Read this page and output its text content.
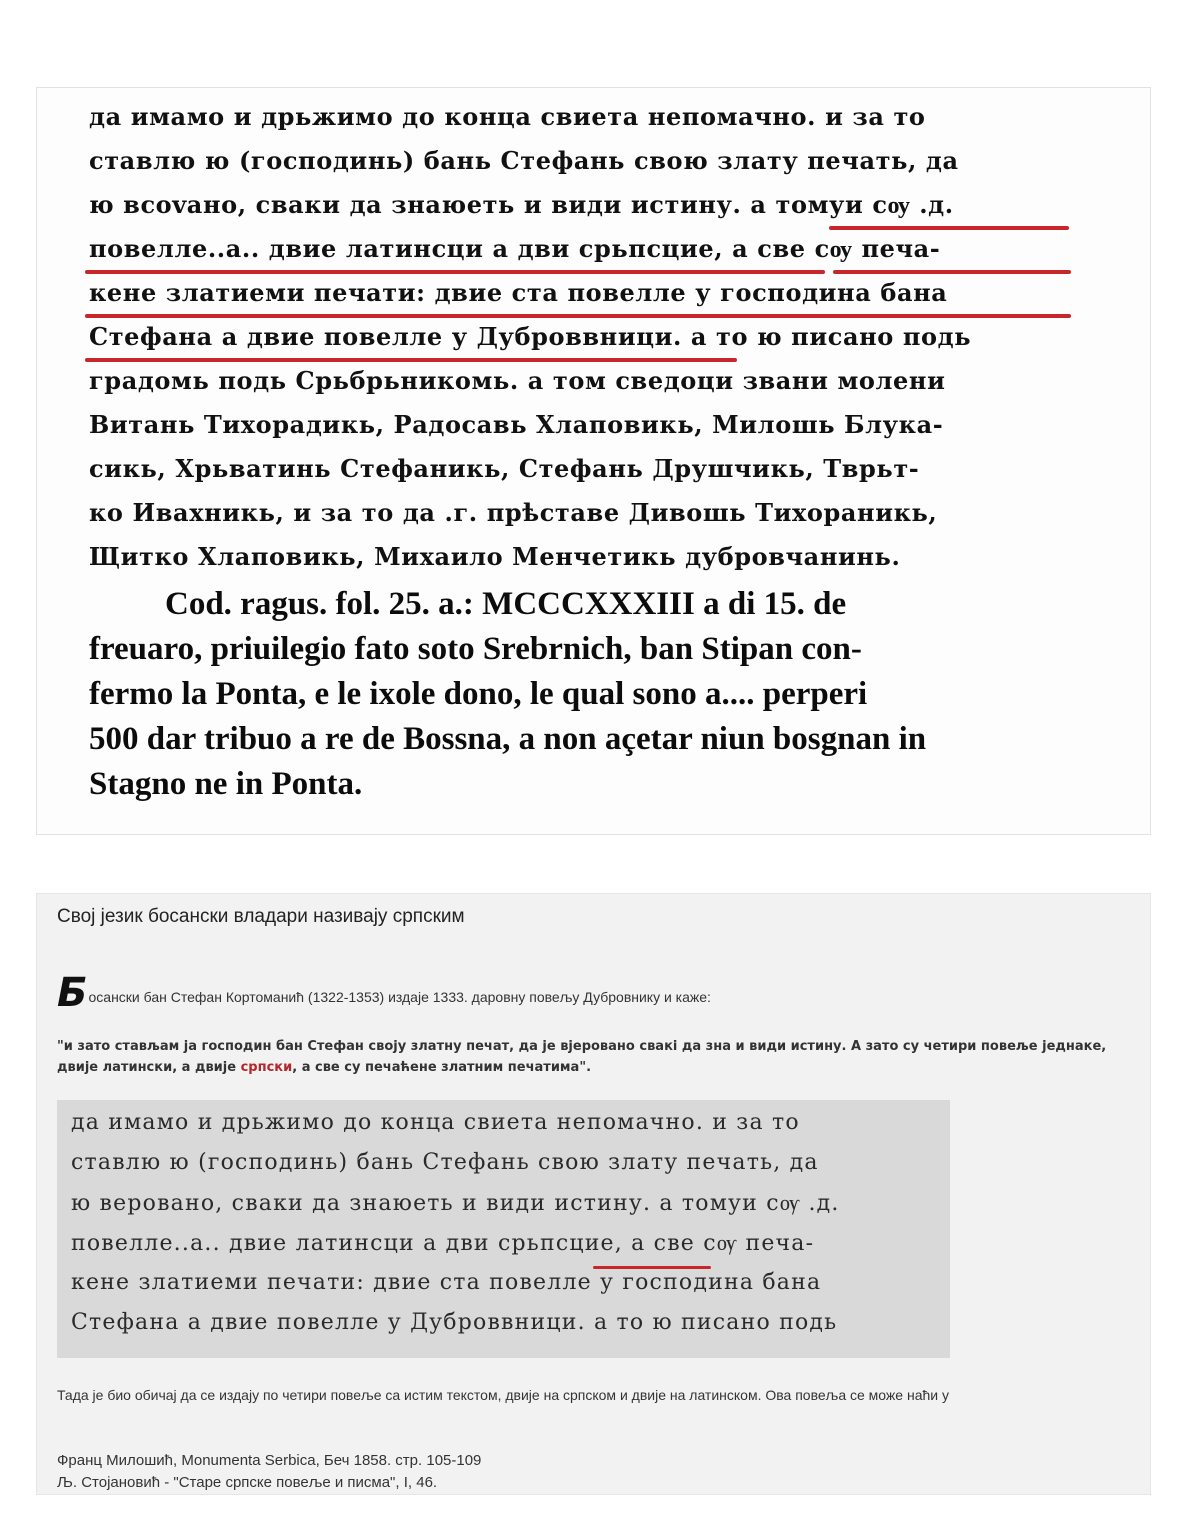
да имамо и дрьжимо до конца свиета непомачно. и за то
ставлю ю (господинь) бань Стефань свою злату печать, да
ю вcovано, свaки дa знаюеть и види истину. a томуи сѹ .д.
повелле..а.. двие латинсци а дви срьпсцие, а све сѹ печа-
кене златиеми печати: двие ста повелле у господина бана
Стефана а двие повелле у Дуброввници. а то ю писано подь
градомь подь Срьбрьникомь. а том сведоци звани молени
Витань Тихорадикь, Радосавь Хлаповикь, Милошь Блука-
сикь, Хрьватинь Стефаникь, Стефань Друшчикь, Тврьт-
ко Ивахникь, и за то да .г. прѣставе Дивошь Тихораникь,
Щитко Хлаповикь, Михаило Менчетикь дубровчанинь.
Cod. ragus. fol. 25. a.: MCCCXXXIII a di 15. de
freuaro, priuilegio fato soto Srebrnich, ban Stipan con-
fermo la Ponta, e le ixole dono, le qual sono a.... perperi
500 dar tribuo a re de Bossna, a non açetar niun bosgnan in
Stagno ne in Ponta.
Свој језик босански владари називају српским
Босански бан Стефан Кортоманић (1322-1353) издаје 1333. даровну повељу Дубровнику и каже:
"и зато стављам ја господин бан Стефан своју златну печат, да је вјеровано свакi да зна и види истину. А зато су четири повеље једнаке, двије латински, а двије српски, а све су печаћене златним печатима".
да имамо и дрьжимо до конца свиета непомачно. и за то
ставлю ю (господинь) бань Стефань свою злату печать, да
ю вeровано, свaки дa знаюеть и види истину. а томуи сѹ .д.
повелле..а.. двие латинсци а дви срьпсцие, а све сѹ печа-
кене златиеми печати: двие ста повелле у господина бана
Стефана а двие повелле у Дуброввници. а то ю писано подь
Тада је био обичај да се издају по четири повеље са истим текстом, двије на српском и двије на латинском. Ова повеља се може наћи у
Франц Милошић, Monumenta Serbica, Беч 1858. стр. 105-109
Љ. Стојановић - "Старе српске повеље и писма", I, 46.
